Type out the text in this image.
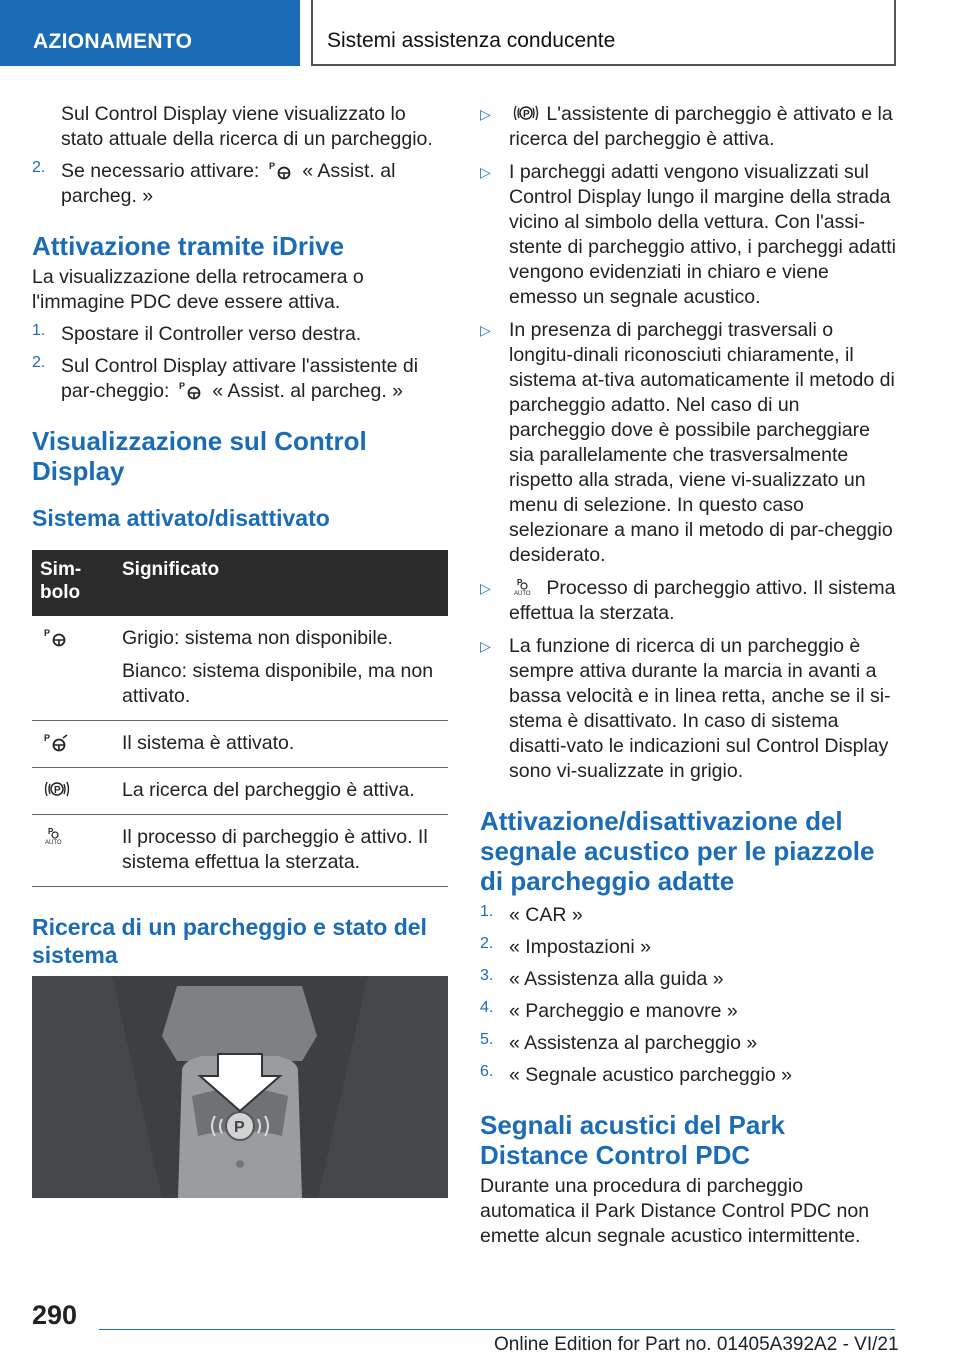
AZIONAMENTO	Sistemi assistenza conducente

Sul Control Display viene visualizzato lo stato attuale della ricerca di un parcheggio.

2. Se necessario attivare: P « Assist. al parcheg. »

Attivazione tramite iDrive

La visualizzazione della retrocamera o l'immagine PDC deve essere attiva.

1. Spostare il Controller verso destra.

2. Sul Control Display attivare l'assistente di par-cheggio: P « Assist. al parcheg. »

Visualizzazione sul Control Display
Sistema attivato/disattivato
Sim-bolo	Significato

P	Grigio: sistema non disponibile.

Bianco: sistema disponibile, ma non attivato.

P	Il sistema è attivato.

P	La ricerca del parcheggio è attiva.

P
AUTO	Il processo di parcheggio è attivo. Il sistema effettua la sterzata.

Ricerca di un parcheggio e stato del sistema
P
▷	P L'assistente di parcheggio è attivato e la ricerca del parcheggio è attiva.

▷ I parcheggi adatti vengono visualizzati sul Control Display lungo il margine della strada vicino al simbolo della vettura. Con l'assi-stente di parcheggio attivo, i parcheggi adatti vengono evidenziati in chiaro e viene emesso un segnale acustico.

▷ In presenza di parcheggi trasversali o longitu-dinali riconosciuti chiaramente, il sistema at-tiva automaticamente il metodo di parcheggio adatto. Nel caso di un parcheggio dove è possibile parcheggiare sia parallelamente che trasversalmente rispetto alla strada, viene vi-sualizzato un menu di selezione. In questo caso selezionare a mano il metodo di par-cheggio desiderato.

▷	P
AUTO Processo di parcheggio attivo. Il sistema effettua la sterzata.

▷ La funzione di ricerca di un parcheggio è sempre attiva durante la marcia in avanti a bassa velocità e in linea retta, anche se il si-stema è disattivato. In caso di sistema disatti-vato le indicazioni sul Control Display sono vi-sualizzate in grigio.

Attivazione/disattivazione del segnale acustico per le piazzole di parcheggio adatte
1. « CAR »

2. « Impostazioni »

3. « Assistenza alla guida »

4. « Parcheggio e manovre »

5. « Assistenza al parcheggio »

6. « Segnale acustico parcheggio »

Segnali acustici del Park Distance Control PDC

Durante una procedura di parcheggio automatica il Park Distance Control PDC non emette alcun segnale acustico intermittente.

290
Online Edition for Part no. 01405A392A2 - VI/21
